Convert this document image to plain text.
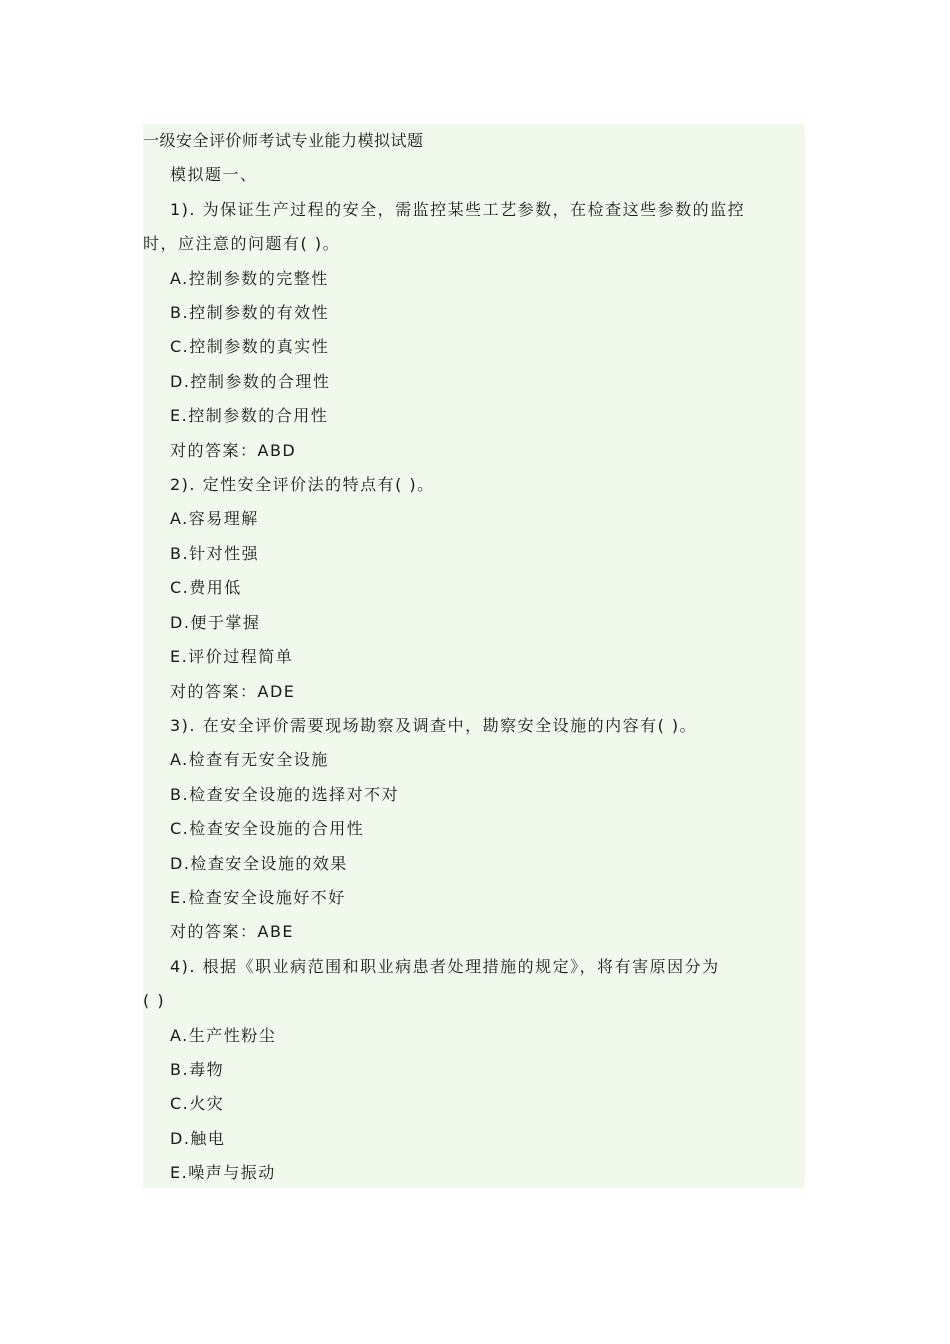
一级安全评价师考试专业能力模拟试题
模拟题一、
1). 为保证生产过程的安全，需监控某些工艺参数，在检查这些参数的监控
时，应注意的问题有( )。
A.控制参数的完整性
B.控制参数的有效性
C.控制参数的真实性
D.控制参数的合理性
E.控制参数的合用性
对的答案：ABD
2). 定性安全评价法的特点有( )。
A.容易理解
B.针对性强
C.费用低
D.便于掌握
E.评价过程简单
对的答案：ADE
3). 在安全评价需要现场勘察及调查中，勘察安全设施的内容有( )。
A.检查有无安全设施
B.检查安全设施的选择对不对
C.检查安全设施的合用性
D.检查安全设施的效果
E.检查安全设施好不好
对的答案：ABE
4). 根据《职业病范围和职业病患者处理措施的规定》，将有害原因分为
( )
A.生产性粉尘
B.毒物
C.火灾
D.触电
E.噪声与振动
